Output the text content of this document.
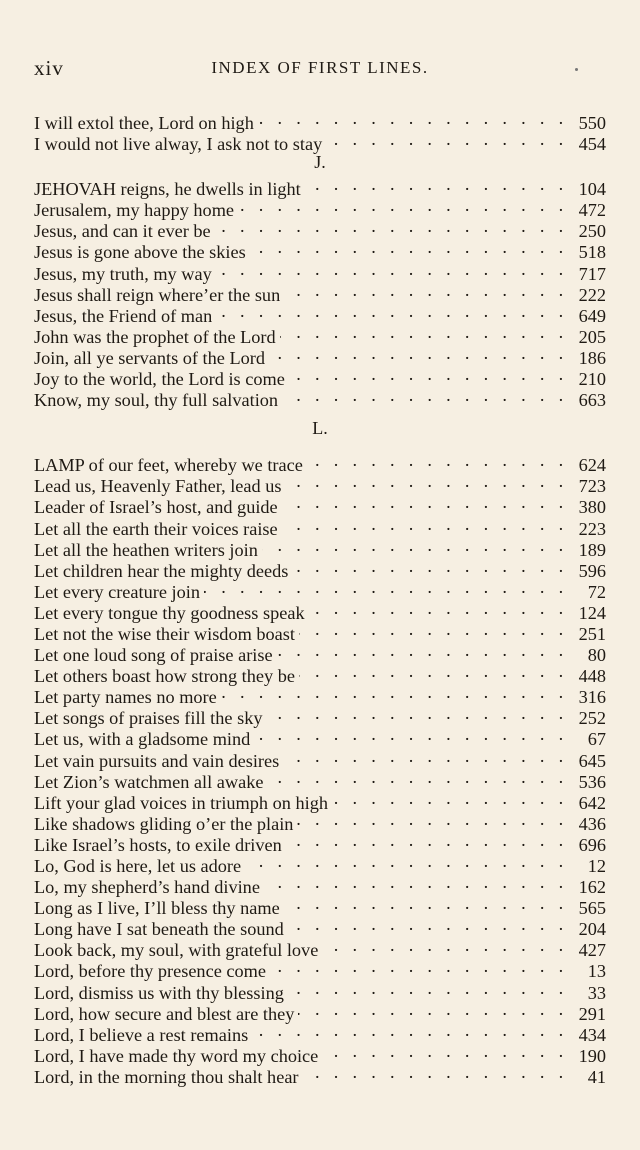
xiv	INDEX OF FIRST LINES.
I will extol thee, Lord on high . . .	550
I would not live alway, I ask not to stay . . .	454
J.
JEHOVAH reigns, he dwells in light . . .	104
Jerusalem, my happy home . . .	472
Jesus, and can it ever be . . .	250
Jesus is gone above the skies . . .	518
Jesus, my truth, my way . . .	717
Jesus shall reign where’er the sun . . .	222
Jesus, the Friend of man . . .	649
John was the prophet of the Lord . . .	205
Join, all ye servants of the Lord . . .	186
Joy to the world, the Lord is come . . .	210
Know, my soul, thy full salvation . . .	663
L.
LAMP of our feet, whereby we trace . . .	624
Lead us, Heavenly Father, lead us . . .	723
Leader of Israel’s host, and guide . . .	380
Let all the earth their voices raise . . .	223
Let all the heathen writers join . . .	189
Let children hear the mighty deeds . . .	596
Let every creature join . . .	72
Let every tongue thy goodness speak . . .	124
Let not the wise their wisdom boast . . .	251
Let one loud song of praise arise . . .	80
Let others boast how strong they be . . .	448
Let party names no more . . .	316
Let songs of praises fill the sky . . .	252
Let us, with a gladsome mind . . .	67
Let vain pursuits and vain desires . . .	645
Let Zion’s watchmen all awake . . .	536
Lift your glad voices in triumph on high . . .	642
Like shadows gliding o’er the plain . . .	436
Like Israel’s hosts, to exile driven . . .	696
Lo, God is here, let us adore . . .	12
Lo, my shepherd’s hand divine . . .	162
Long as I live, I’ll bless thy name . . .	565
Long have I sat beneath the sound . . .	204
Look back, my soul, with grateful love . . .	427
Lord, before thy presence come . . .	13
Lord, dismiss us with thy blessing . . .	33
Lord, how secure and blest are they . . .	291
Lord, I believe a rest remains . . .	434
Lord, I have made thy word my choice . . .	190
Lord, in the morning thou shalt hear . . .	41
